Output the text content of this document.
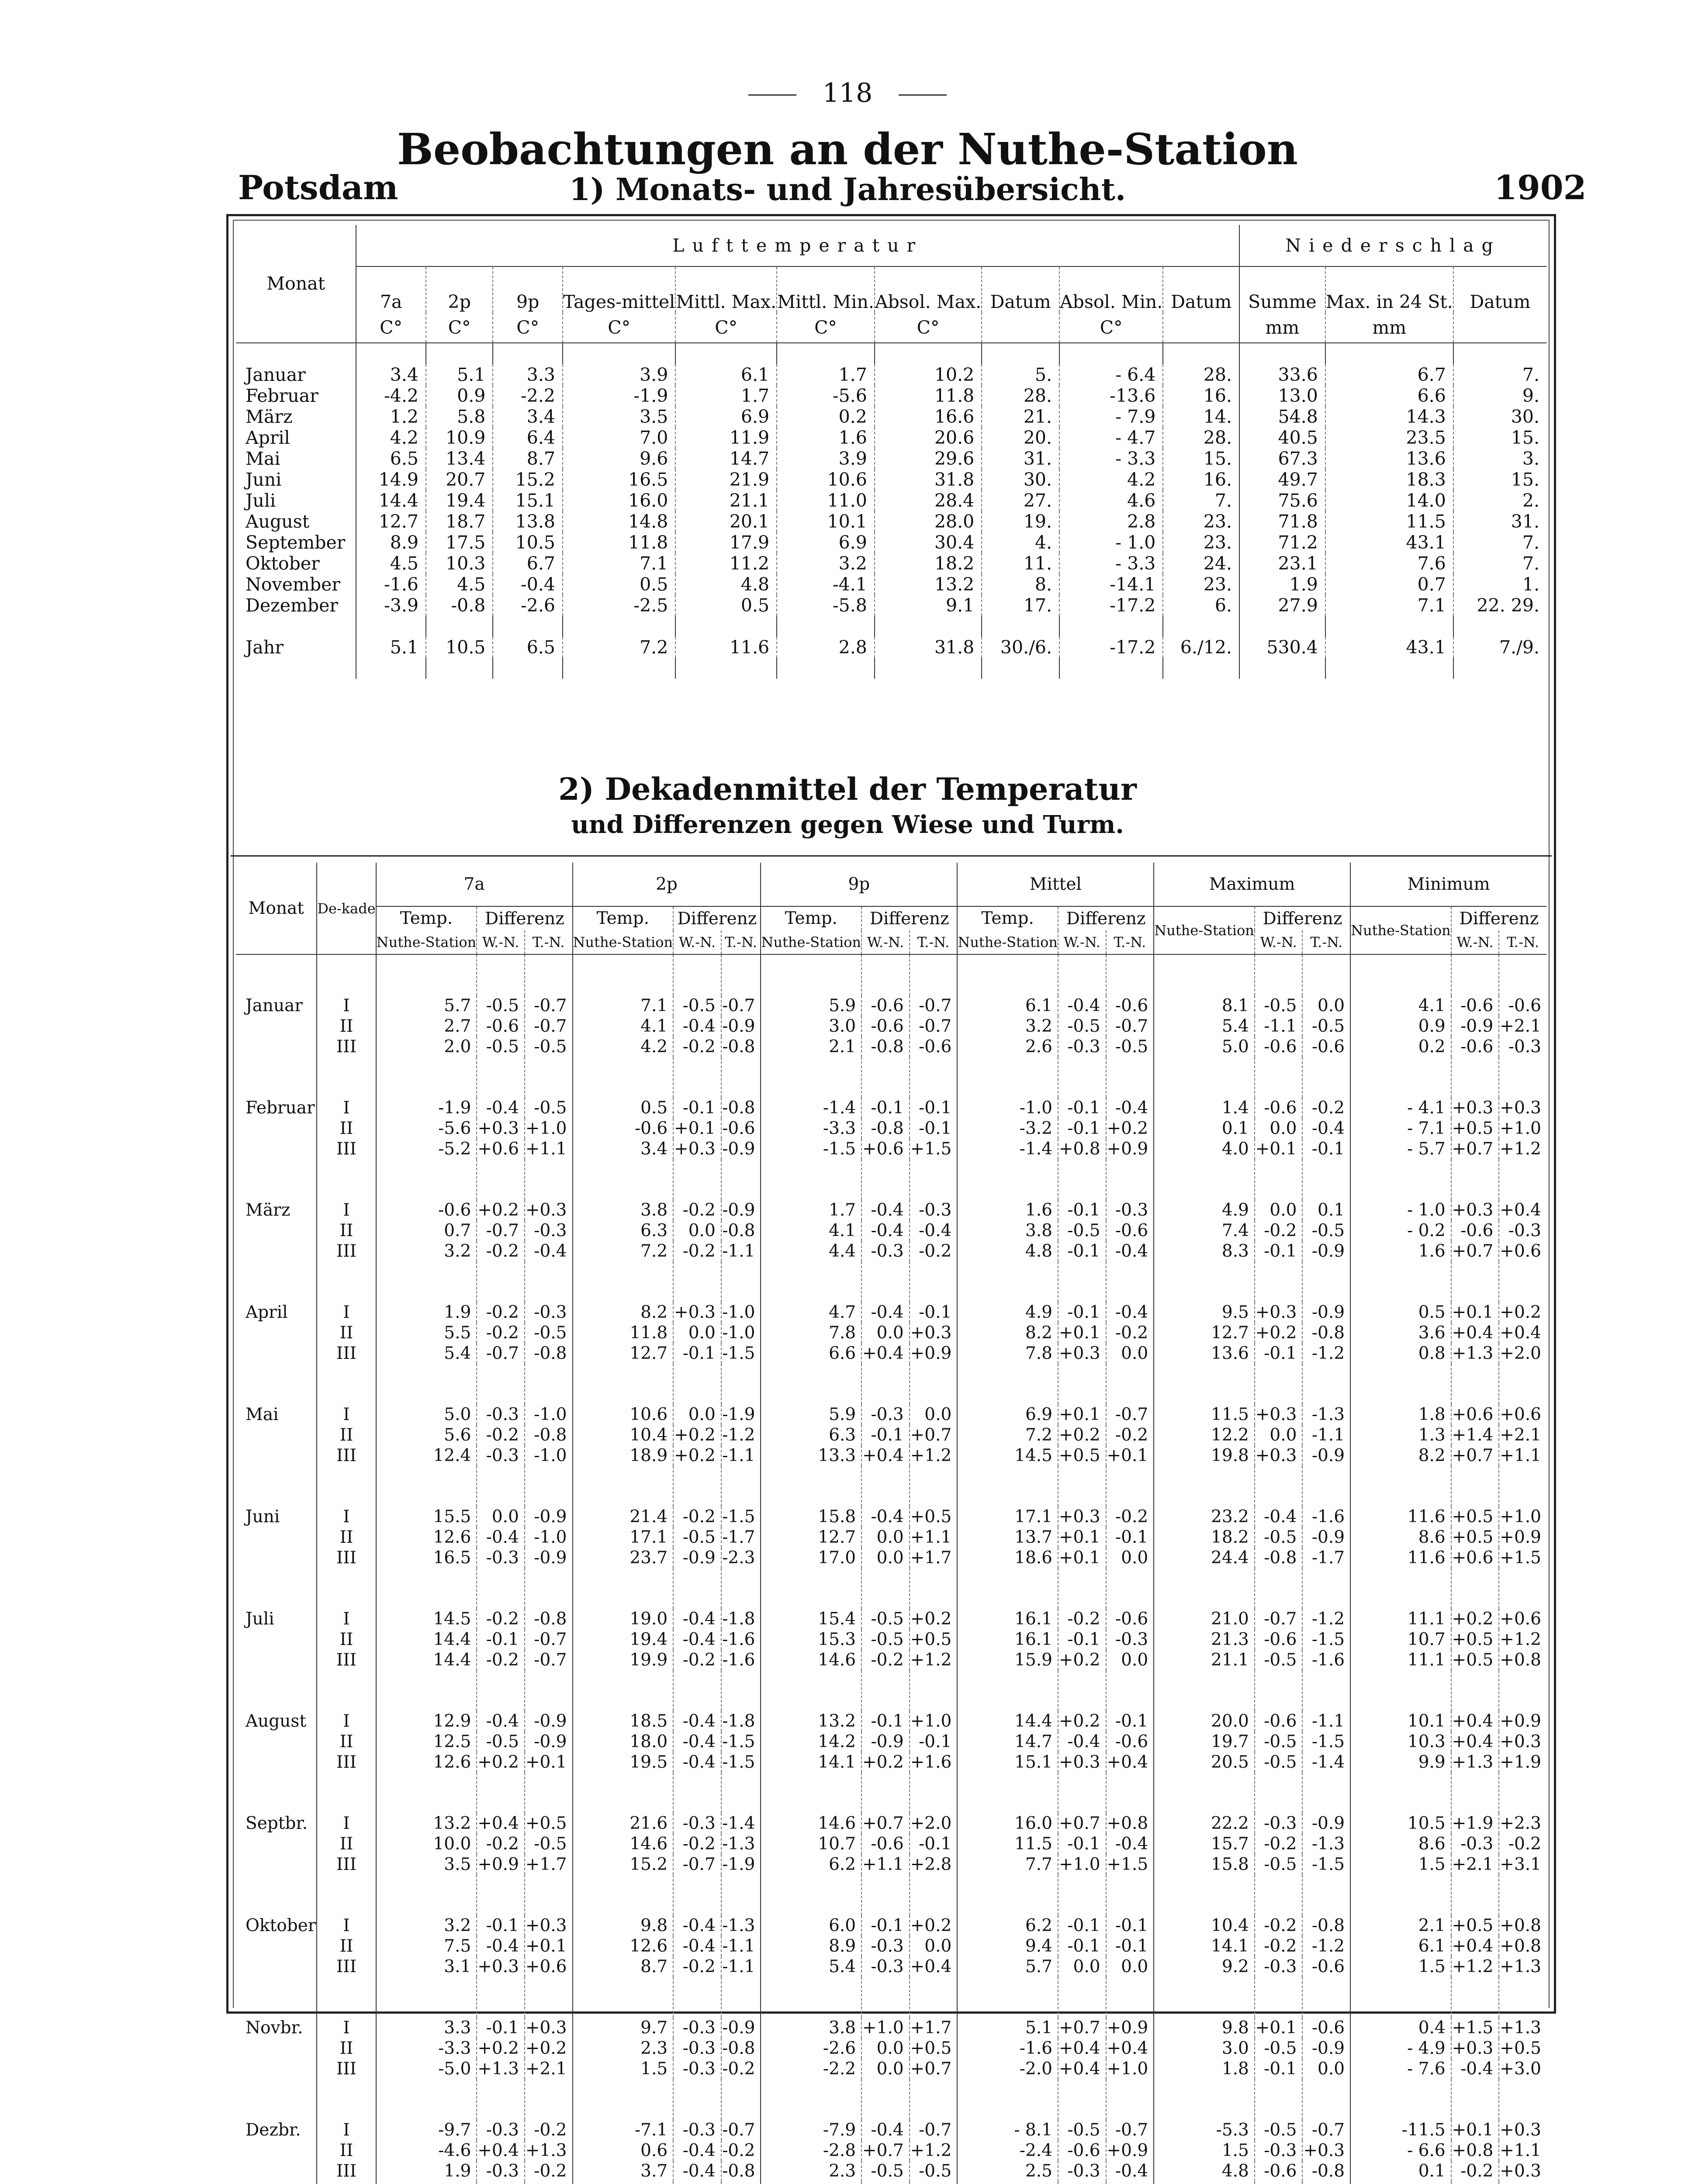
118
Beobachtungen an der Nuthe-Station
Potsdam	1) Monats- und Jahresübersicht.	1902
Monat	Lufttemperatur										Niederschlag		
	7a	2p	9p	Tages-mittel	Mittl. Max.	Mittl. Min.	Absol. Max.	Datum	Absol. Min.	Datum	Summe	Max. in 24 St.	Datum
	C°	C°	C°	C°	C°	C°	C°		C°		mm	mm	

Januar	3.4	5.1	3.3	3.9	6.1	1.7	10.2	5.	- 6.4	28.	33.6	6.7	7.
Februar	-4.2	0.9	-2.2	-1.9	1.7	-5.6	11.8	28.	-13.6	16.	13.0	6.6	9.
März	1.2	5.8	3.4	3.5	6.9	0.2	16.6	21.	- 7.9	14.	54.8	14.3	30.
April	4.2	10.9	6.4	7.0	11.9	1.6	20.6	20.	- 4.7	28.	40.5	23.5	15.
Mai	6.5	13.4	8.7	9.6	14.7	3.9	29.6	31.	- 3.3	15.	67.3	13.6	3.
Juni	14.9	20.7	15.2	16.5	21.9	10.6	31.8	30.	4.2	16.	49.7	18.3	15.
Juli	14.4	19.4	15.1	16.0	21.1	11.0	28.4	27.	4.6	7.	75.6	14.0	2.
August	12.7	18.7	13.8	14.8	20.1	10.1	28.0	19.	2.8	23.	71.8	11.5	31.
September	8.9	17.5	10.5	11.8	17.9	6.9	30.4	4.	- 1.0	23.	71.2	43.1	7.
Oktober	4.5	10.3	6.7	7.1	11.2	3.2	18.2	11.	- 3.3	24.	23.1	7.6	7.
November	-1.6	4.5	-0.4	0.5	4.8	-4.1	13.2	8.	-14.1	23.	1.9	0.7	1.
Dezember	-3.9	-0.8	-2.6	-2.5	0.5	-5.8	9.1	17.	-17.2	6.	27.9	7.1	22. 29.

Jahr	5.1	10.5	6.5	7.2	11.6	2.8	31.8	30./6.	-17.2	6./12.	530.4	43.1	7./9.

2) Dekadenmittel der Temperatur
und Differenzen gegen Wiese und Turm.
Monat	De-kade	7a			2p			9p			Mittel			Maximum			Minimum		
		Temp.	Differenz		Temp.	Differenz		Temp.	Differenz		Temp.	Differenz		Nuthe-Station	Differenz		Nuthe-Station	Differenz	
		Nuthe-Station	W.-N.	T.-N.	Nuthe-Station	W.-N.	T.-N.	Nuthe-Station	W.-N.	T.-N.	Nuthe-Station	W.-N.	T.-N.		W.-N.	T.-N.		W.-N.	T.-N.

Januar	I	5.7	-0.5	-0.7	7.1	-0.5	-0.7	5.9	-0.6	-0.7	6.1	-0.4	-0.6	8.1	-0.5	0.0	4.1	-0.6	-0.6
	II	2.7	-0.6	-0.7	4.1	-0.4	-0.9	3.0	-0.6	-0.7	3.2	-0.5	-0.7	5.4	-1.1	-0.5	0.9	-0.9	+2.1
	III	2.0	-0.5	-0.5	4.2	-0.2	-0.8	2.1	-0.8	-0.6	2.6	-0.3	-0.5	5.0	-0.6	-0.6	0.2	-0.6	-0.3

Februar	I	-1.9	-0.4	-0.5	0.5	-0.1	-0.8	-1.4	-0.1	-0.1	-1.0	-0.1	-0.4	1.4	-0.6	-0.2	- 4.1	+0.3	+0.3
	II	-5.6	+0.3	+1.0	-0.6	+0.1	-0.6	-3.3	-0.8	-0.1	-3.2	-0.1	+0.2	0.1	0.0	-0.4	- 7.1	+0.5	+1.0
	III	-5.2	+0.6	+1.1	3.4	+0.3	-0.9	-1.5	+0.6	+1.5	-1.4	+0.8	+0.9	4.0	+0.1	-0.1	- 5.7	+0.7	+1.2

März	I	-0.6	+0.2	+0.3	3.8	-0.2	-0.9	1.7	-0.4	-0.3	1.6	-0.1	-0.3	4.9	0.0	0.1	- 1.0	+0.3	+0.4
	II	0.7	-0.7	-0.3	6.3	0.0	-0.8	4.1	-0.4	-0.4	3.8	-0.5	-0.6	7.4	-0.2	-0.5	- 0.2	-0.6	-0.3
	III	3.2	-0.2	-0.4	7.2	-0.2	-1.1	4.4	-0.3	-0.2	4.8	-0.1	-0.4	8.3	-0.1	-0.9	1.6	+0.7	+0.6

April	I	1.9	-0.2	-0.3	8.2	+0.3	-1.0	4.7	-0.4	-0.1	4.9	-0.1	-0.4	9.5	+0.3	-0.9	0.5	+0.1	+0.2
	II	5.5	-0.2	-0.5	11.8	0.0	-1.0	7.8	0.0	+0.3	8.2	+0.1	-0.2	12.7	+0.2	-0.8	3.6	+0.4	+0.4
	III	5.4	-0.7	-0.8	12.7	-0.1	-1.5	6.6	+0.4	+0.9	7.8	+0.3	0.0	13.6	-0.1	-1.2	0.8	+1.3	+2.0

Mai	I	5.0	-0.3	-1.0	10.6	0.0	-1.9	5.9	-0.3	0.0	6.9	+0.1	-0.7	11.5	+0.3	-1.3	1.8	+0.6	+0.6
	II	5.6	-0.2	-0.8	10.4	+0.2	-1.2	6.3	-0.1	+0.7	7.2	+0.2	-0.2	12.2	0.0	-1.1	1.3	+1.4	+2.1
	III	12.4	-0.3	-1.0	18.9	+0.2	-1.1	13.3	+0.4	+1.2	14.5	+0.5	+0.1	19.8	+0.3	-0.9	8.2	+0.7	+1.1

Juni	I	15.5	0.0	-0.9	21.4	-0.2	-1.5	15.8	-0.4	+0.5	17.1	+0.3	-0.2	23.2	-0.4	-1.6	11.6	+0.5	+1.0
	II	12.6	-0.4	-1.0	17.1	-0.5	-1.7	12.7	0.0	+1.1	13.7	+0.1	-0.1	18.2	-0.5	-0.9	8.6	+0.5	+0.9
	III	16.5	-0.3	-0.9	23.7	-0.9	-2.3	17.0	0.0	+1.7	18.6	+0.1	0.0	24.4	-0.8	-1.7	11.6	+0.6	+1.5

Juli	I	14.5	-0.2	-0.8	19.0	-0.4	-1.8	15.4	-0.5	+0.2	16.1	-0.2	-0.6	21.0	-0.7	-1.2	11.1	+0.2	+0.6
	II	14.4	-0.1	-0.7	19.4	-0.4	-1.6	15.3	-0.5	+0.5	16.1	-0.1	-0.3	21.3	-0.6	-1.5	10.7	+0.5	+1.2
	III	14.4	-0.2	-0.7	19.9	-0.2	-1.6	14.6	-0.2	+1.2	15.9	+0.2	0.0	21.1	-0.5	-1.6	11.1	+0.5	+0.8

August	I	12.9	-0.4	-0.9	18.5	-0.4	-1.8	13.2	-0.1	+1.0	14.4	+0.2	-0.1	20.0	-0.6	-1.1	10.1	+0.4	+0.9
	II	12.5	-0.5	-0.9	18.0	-0.4	-1.5	14.2	-0.9	-0.1	14.7	-0.4	-0.6	19.7	-0.5	-1.5	10.3	+0.4	+0.3
	III	12.6	+0.2	+0.1	19.5	-0.4	-1.5	14.1	+0.2	+1.6	15.1	+0.3	+0.4	20.5	-0.5	-1.4	9.9	+1.3	+1.9

Septbr.	I	13.2	+0.4	+0.5	21.6	-0.3	-1.4	14.6	+0.7	+2.0	16.0	+0.7	+0.8	22.2	-0.3	-0.9	10.5	+1.9	+2.3
	II	10.0	-0.2	-0.5	14.6	-0.2	-1.3	10.7	-0.6	-0.1	11.5	-0.1	-0.4	15.7	-0.2	-1.3	8.6	-0.3	-0.2
	III	3.5	+0.9	+1.7	15.2	-0.7	-1.9	6.2	+1.1	+2.8	7.7	+1.0	+1.5	15.8	-0.5	-1.5	1.5	+2.1	+3.1

Oktober	I	3.2	-0.1	+0.3	9.8	-0.4	-1.3	6.0	-0.1	+0.2	6.2	-0.1	-0.1	10.4	-0.2	-0.8	2.1	+0.5	+0.8
	II	7.5	-0.4	+0.1	12.6	-0.4	-1.1	8.9	-0.3	0.0	9.4	-0.1	-0.1	14.1	-0.2	-1.2	6.1	+0.4	+0.8
	III	3.1	+0.3	+0.6	8.7	-0.2	-1.1	5.4	-0.3	+0.4	5.7	0.0	0.0	9.2	-0.3	-0.6	1.5	+1.2	+1.3

Novbr.	I	3.3	-0.1	+0.3	9.7	-0.3	-0.9	3.8	+1.0	+1.7	5.1	+0.7	+0.9	9.8	+0.1	-0.6	0.4	+1.5	+1.3
	II	-3.3	+0.2	+0.2	2.3	-0.3	-0.8	-2.6	0.0	+0.5	-1.6	+0.4	+0.4	3.0	-0.5	-0.9	- 4.9	+0.3	+0.5
	III	-5.0	+1.3	+2.1	1.5	-0.3	-0.2	-2.2	0.0	+0.7	-2.0	+0.4	+1.0	1.8	-0.1	0.0	- 7.6	-0.4	+3.0

Dezbr.	I	-9.7	-0.3	-0.2	-7.1	-0.3	-0.7	-7.9	-0.4	-0.7	- 8.1	-0.5	-0.7	-5.3	-0.5	-0.7	-11.5	+0.1	+0.3
	II	-4.6	+0.4	+1.3	0.6	-0.4	-0.2	-2.8	+0.7	+1.2	-2.4	-0.6	+0.9	1.5	-0.3	+0.3	- 6.6	+0.8	+1.1
	III	1.9	-0.3	-0.2	3.7	-0.4	-0.8	2.3	-0.5	-0.5	2.5	-0.3	-0.4	4.8	-0.6	-0.8	0.1	-0.2	+0.3
